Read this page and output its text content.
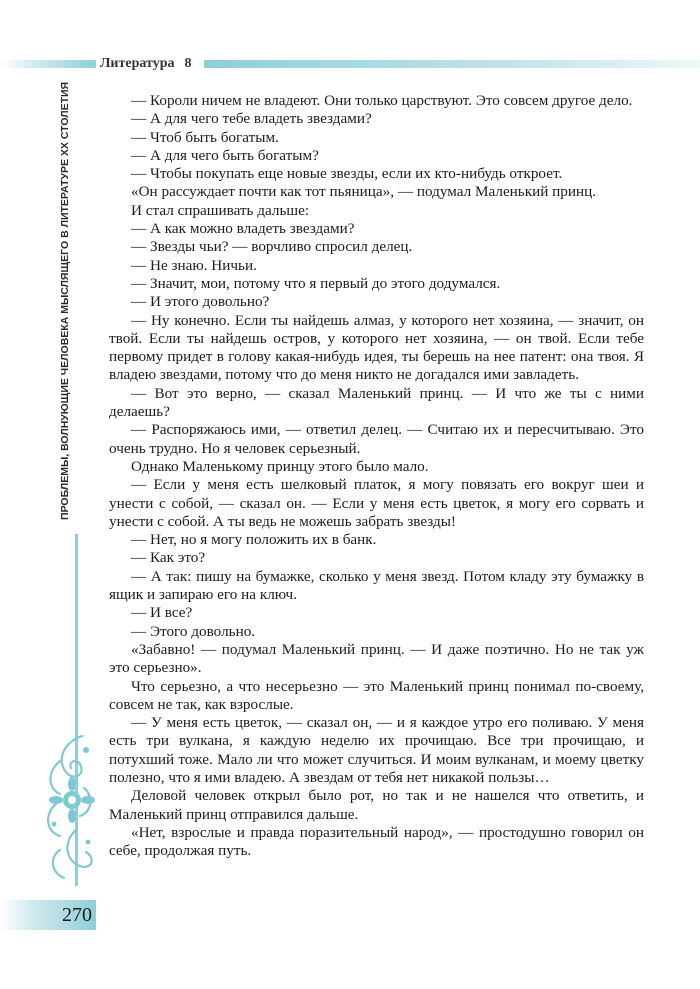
Литература 8
ПРОБЛЕМЫ, ВОЛНУЮЩИЕ ЧЕЛОВЕКА МЫСЛЯЩЕГО В ЛИТЕРАТУРЕ XX СТОЛЕТИЯ
270

— Короли ничем не владеют. Они только царствуют. Это совсем другое дело.

— А для чего тебе владеть звездами?

— Чтоб быть богатым.

— А для чего быть богатым?

— Чтобы покупать еще новые звезды, если их кто-нибудь откроет.

«Он рассуждает почти как тот пьяница», — подумал Маленький принц.

И стал спрашивать дальше:

— А как можно владеть звездами?

— Звезды чьи? — ворчливо спросил делец.

— Не знаю. Ничьи.

— Значит, мои, потому что я первый до этого додумался.

— И этого довольно?

— Ну конечно. Если ты найдешь алмаз, у которого нет хозяина, — значит, он твой. Если ты найдешь остров, у которого нет хозяина, — он твой. Если тебе первому придет в голову какая-нибудь идея, ты берешь на нее патент: она твоя. Я владею звездами, потому что до меня никто не догадался ими завладеть.

— Вот это верно, — сказал Маленький принц. — И что же ты с ними делаешь?

— Распоряжаюсь ими, — ответил делец. — Считаю их и пересчитываю. Это очень трудно. Но я человек серьезный.

Однако Маленькому принцу этого было мало.

— Если у меня есть шелковый платок, я могу повязать его вокруг шеи и унести с собой, — сказал он. — Если у меня есть цветок, я могу его сорвать и унести с собой. А ты ведь не можешь забрать звезды!

— Нет, но я могу положить их в банк.

— Как это?

— А так: пишу на бумажке, сколько у меня звезд. Потом кладу эту бумажку в ящик и запираю его на ключ.

— И все?

— Этого довольно.

«Забавно! — подумал Маленький принц. — И даже поэтично. Но не так уж это серьезно».

Что серьезно, а что несерьезно — это Маленький принц понимал по-своему, совсем не так, как взрослые.

— У меня есть цветок, — сказал он, — и я каждое утро его поливаю. У меня есть три вулкана, я каждую неделю их прочищаю. Все три прочищаю, и потухший тоже. Мало ли что может случиться. И моим вулканам, и моему цветку полезно, что я ими владею. А звездам от тебя нет никакой пользы…

Деловой человек открыл было рот, но так и не нашелся что ответить, и Маленький принц отправился дальше.

«Нет, взрослые и правда поразительный народ», — простодушно говорил он себе, продолжая путь.
